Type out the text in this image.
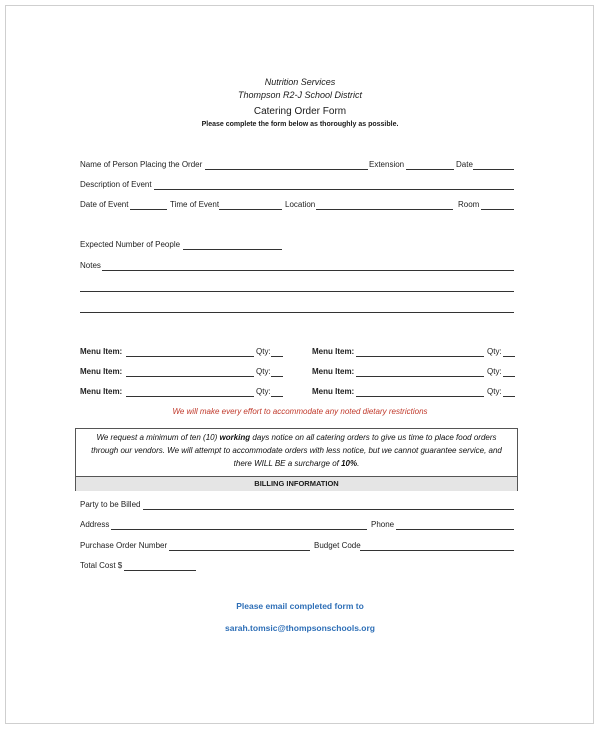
Nutrition Services
Thompson R2-J School District
Catering Order Form
Please complete the form below as thoroughly as possible.
Name of Person Placing the Order	Extension	Date
Description of Event
Date of Event	Time of Event	Location	Room
Expected Number of People
Notes
Menu Item:	Qty:	Menu Item:	Qty:
Menu Item:	Qty:	Menu Item:	Qty:
Menu Item:	Qty:	Menu Item:	Qty:
We will make every effort to accommodate any noted dietary restrictions
We request a minimum of ten (10) working days notice on all catering orders to give us time to place food orders
through our vendors. We will attempt to accommodate orders with less notice, but we cannot guarantee service, and
there WILL BE a surcharge of 10%.
BILLING INFORMATION
Party to be Billed
Address	Phone
Purchase Order Number	Budget Code
Total Cost $
Please email completed form to
sarah.tomsic@thompsonschools.org
